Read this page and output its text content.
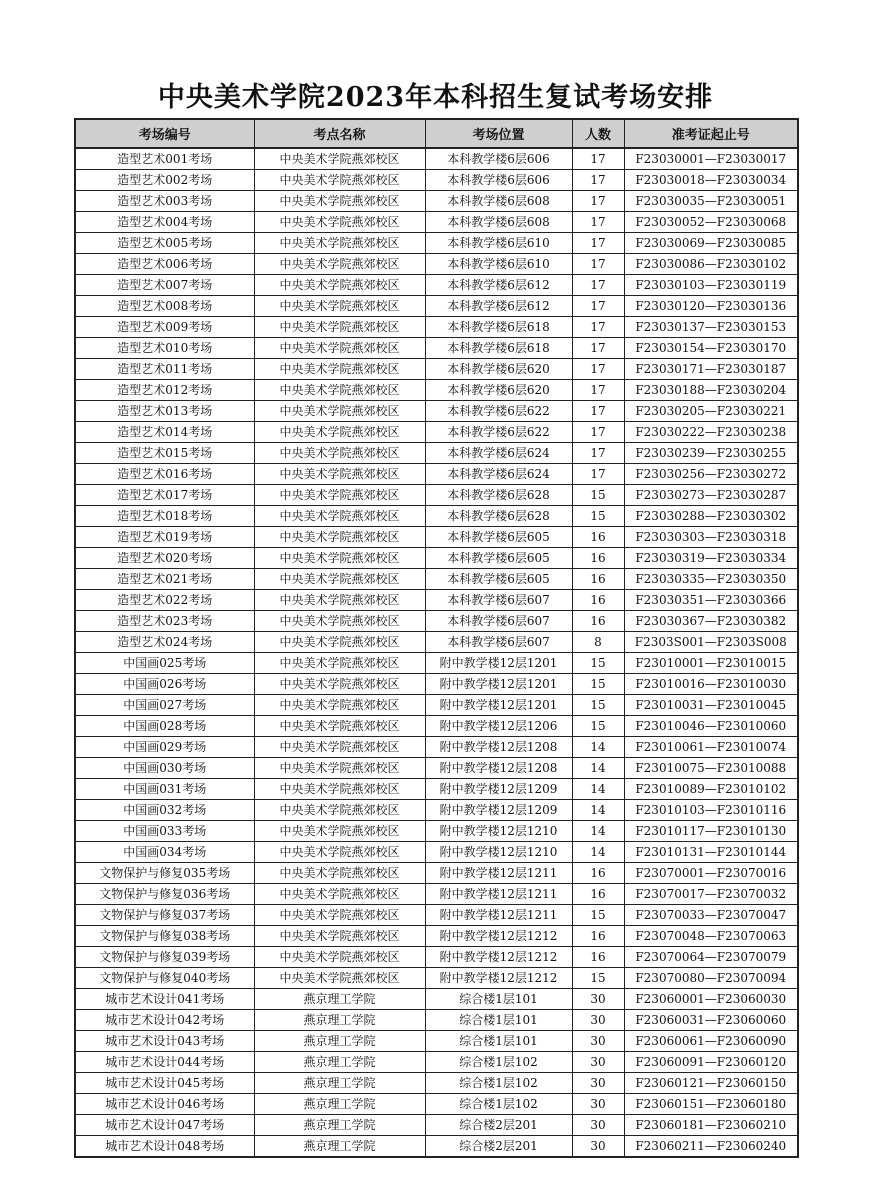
中央美术学院2023年本科招生复试考场安排
考场编号	考点名称	考场位置	人数	准考证起止号
造型艺术001考场	中央美术学院燕郊校区	本科教学楼6层606	17	F23030001—F23030017
造型艺术002考场	中央美术学院燕郊校区	本科教学楼6层606	17	F23030018—F23030034
造型艺术003考场	中央美术学院燕郊校区	本科教学楼6层608	17	F23030035—F23030051
造型艺术004考场	中央美术学院燕郊校区	本科教学楼6层608	17	F23030052—F23030068
造型艺术005考场	中央美术学院燕郊校区	本科教学楼6层610	17	F23030069—F23030085
造型艺术006考场	中央美术学院燕郊校区	本科教学楼6层610	17	F23030086—F23030102
造型艺术007考场	中央美术学院燕郊校区	本科教学楼6层612	17	F23030103—F23030119
造型艺术008考场	中央美术学院燕郊校区	本科教学楼6层612	17	F23030120—F23030136
造型艺术009考场	中央美术学院燕郊校区	本科教学楼6层618	17	F23030137—F23030153
造型艺术010考场	中央美术学院燕郊校区	本科教学楼6层618	17	F23030154—F23030170
造型艺术011考场	中央美术学院燕郊校区	本科教学楼6层620	17	F23030171—F23030187
造型艺术012考场	中央美术学院燕郊校区	本科教学楼6层620	17	F23030188—F23030204
造型艺术013考场	中央美术学院燕郊校区	本科教学楼6层622	17	F23030205—F23030221
造型艺术014考场	中央美术学院燕郊校区	本科教学楼6层622	17	F23030222—F23030238
造型艺术015考场	中央美术学院燕郊校区	本科教学楼6层624	17	F23030239—F23030255
造型艺术016考场	中央美术学院燕郊校区	本科教学楼6层624	17	F23030256—F23030272
造型艺术017考场	中央美术学院燕郊校区	本科教学楼6层628	15	F23030273—F23030287
造型艺术018考场	中央美术学院燕郊校区	本科教学楼6层628	15	F23030288—F23030302
造型艺术019考场	中央美术学院燕郊校区	本科教学楼6层605	16	F23030303—F23030318
造型艺术020考场	中央美术学院燕郊校区	本科教学楼6层605	16	F23030319—F23030334
造型艺术021考场	中央美术学院燕郊校区	本科教学楼6层605	16	F23030335—F23030350
造型艺术022考场	中央美术学院燕郊校区	本科教学楼6层607	16	F23030351—F23030366
造型艺术023考场	中央美术学院燕郊校区	本科教学楼6层607	16	F23030367—F23030382
造型艺术024考场	中央美术学院燕郊校区	本科教学楼6层607	8	F2303S001—F2303S008
中国画025考场	中央美术学院燕郊校区	附中教学楼12层1201	15	F23010001—F23010015
中国画026考场	中央美术学院燕郊校区	附中教学楼12层1201	15	F23010016—F23010030
中国画027考场	中央美术学院燕郊校区	附中教学楼12层1201	15	F23010031—F23010045
中国画028考场	中央美术学院燕郊校区	附中教学楼12层1206	15	F23010046—F23010060
中国画029考场	中央美术学院燕郊校区	附中教学楼12层1208	14	F23010061—F23010074
中国画030考场	中央美术学院燕郊校区	附中教学楼12层1208	14	F23010075—F23010088
中国画031考场	中央美术学院燕郊校区	附中教学楼12层1209	14	F23010089—F23010102
中国画032考场	中央美术学院燕郊校区	附中教学楼12层1209	14	F23010103—F23010116
中国画033考场	中央美术学院燕郊校区	附中教学楼12层1210	14	F23010117—F23010130
中国画034考场	中央美术学院燕郊校区	附中教学楼12层1210	14	F23010131—F23010144
文物保护与修复035考场	中央美术学院燕郊校区	附中教学楼12层1211	16	F23070001—F23070016
文物保护与修复036考场	中央美术学院燕郊校区	附中教学楼12层1211	16	F23070017—F23070032
文物保护与修复037考场	中央美术学院燕郊校区	附中教学楼12层1211	15	F23070033—F23070047
文物保护与修复038考场	中央美术学院燕郊校区	附中教学楼12层1212	16	F23070048—F23070063
文物保护与修复039考场	中央美术学院燕郊校区	附中教学楼12层1212	16	F23070064—F23070079
文物保护与修复040考场	中央美术学院燕郊校区	附中教学楼12层1212	15	F23070080—F23070094
城市艺术设计041考场	燕京理工学院	综合楼1层101	30	F23060001—F23060030
城市艺术设计042考场	燕京理工学院	综合楼1层101	30	F23060031—F23060060
城市艺术设计043考场	燕京理工学院	综合楼1层101	30	F23060061—F23060090
城市艺术设计044考场	燕京理工学院	综合楼1层102	30	F23060091—F23060120
城市艺术设计045考场	燕京理工学院	综合楼1层102	30	F23060121—F23060150
城市艺术设计046考场	燕京理工学院	综合楼1层102	30	F23060151—F23060180
城市艺术设计047考场	燕京理工学院	综合楼2层201	30	F23060181—F23060210
城市艺术设计048考场	燕京理工学院	综合楼2层201	30	F23060211—F23060240
